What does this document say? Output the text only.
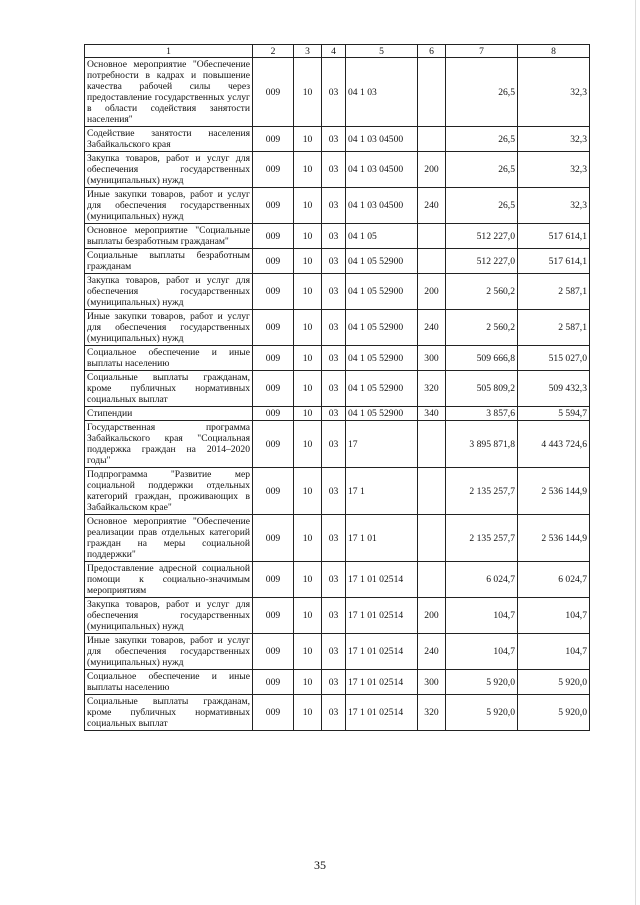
1	2	3	4	5	6	7	8
Основное мероприятие "Обеспечение потребности в кадрах и повышение качества рабочей силы через предоставление государственных услуг в области содействия занятости населения"	009	10	03	04 1 03		26,5	32,3
Содействие занятости населения Забайкальского края	009	10	03	04 1 03 04500		26,5	32,3
Закупка товаров, работ и услуг для обеспечения государственных (муниципальных) нужд	009	10	03	04 1 03 04500	200	26,5	32,3
Иные закупки товаров, работ и услуг для обеспечения государственных (муниципальных) нужд	009	10	03	04 1 03 04500	240	26,5	32,3
Основное мероприятие "Социальные выплаты безработным гражданам"	009	10	03	04 1 05		512 227,0	517 614,1
Социальные выплаты безработным гражданам	009	10	03	04 1 05 52900		512 227,0	517 614,1
Закупка товаров, работ и услуг для обеспечения государственных (муниципальных) нужд	009	10	03	04 1 05 52900	200	2 560,2	2 587,1
Иные закупки товаров, работ и услуг для обеспечения государственных (муниципальных) нужд	009	10	03	04 1 05 52900	240	2 560,2	2 587,1
Социальное обеспечение и иные выплаты населению	009	10	03	04 1 05 52900	300	509 666,8	515 027,0
Социальные выплаты гражданам, кроме публичных нормативных социальных выплат	009	10	03	04 1 05 52900	320	505 809,2	509 432,3
Стипендии	009	10	03	04 1 05 52900	340	3 857,6	5 594,7
Государственная программа Забайкальского края "Социальная поддержка граждан на 2014–2020 годы"	009	10	03	17		3 895 871,8	4 443 724,6
Подпрограмма "Развитие мер социальной поддержки отдельных категорий граждан, проживающих в Забайкальском крае"	009	10	03	17 1		2 135 257,7	2 536 144,9
Основное мероприятие "Обеспечение реализации прав отдельных категорий граждан на меры социальной поддержки"	009	10	03	17 1 01		2 135 257,7	2 536 144,9
Предоставление адресной социальной помощи к социально-значимым мероприятиям	009	10	03	17 1 01 02514		6 024,7	6 024,7
Закупка товаров, работ и услуг для обеспечения государственных (муниципальных) нужд	009	10	03	17 1 01 02514	200	104,7	104,7
Иные закупки товаров, работ и услуг для обеспечения государственных (муниципальных) нужд	009	10	03	17 1 01 02514	240	104,7	104,7
Социальное обеспечение и иные выплаты населению	009	10	03	17 1 01 02514	300	5 920,0	5 920,0
Социальные выплаты гражданам, кроме публичных нормативных социальных выплат	009	10	03	17 1 01 02514	320	5 920,0	5 920,0
35
